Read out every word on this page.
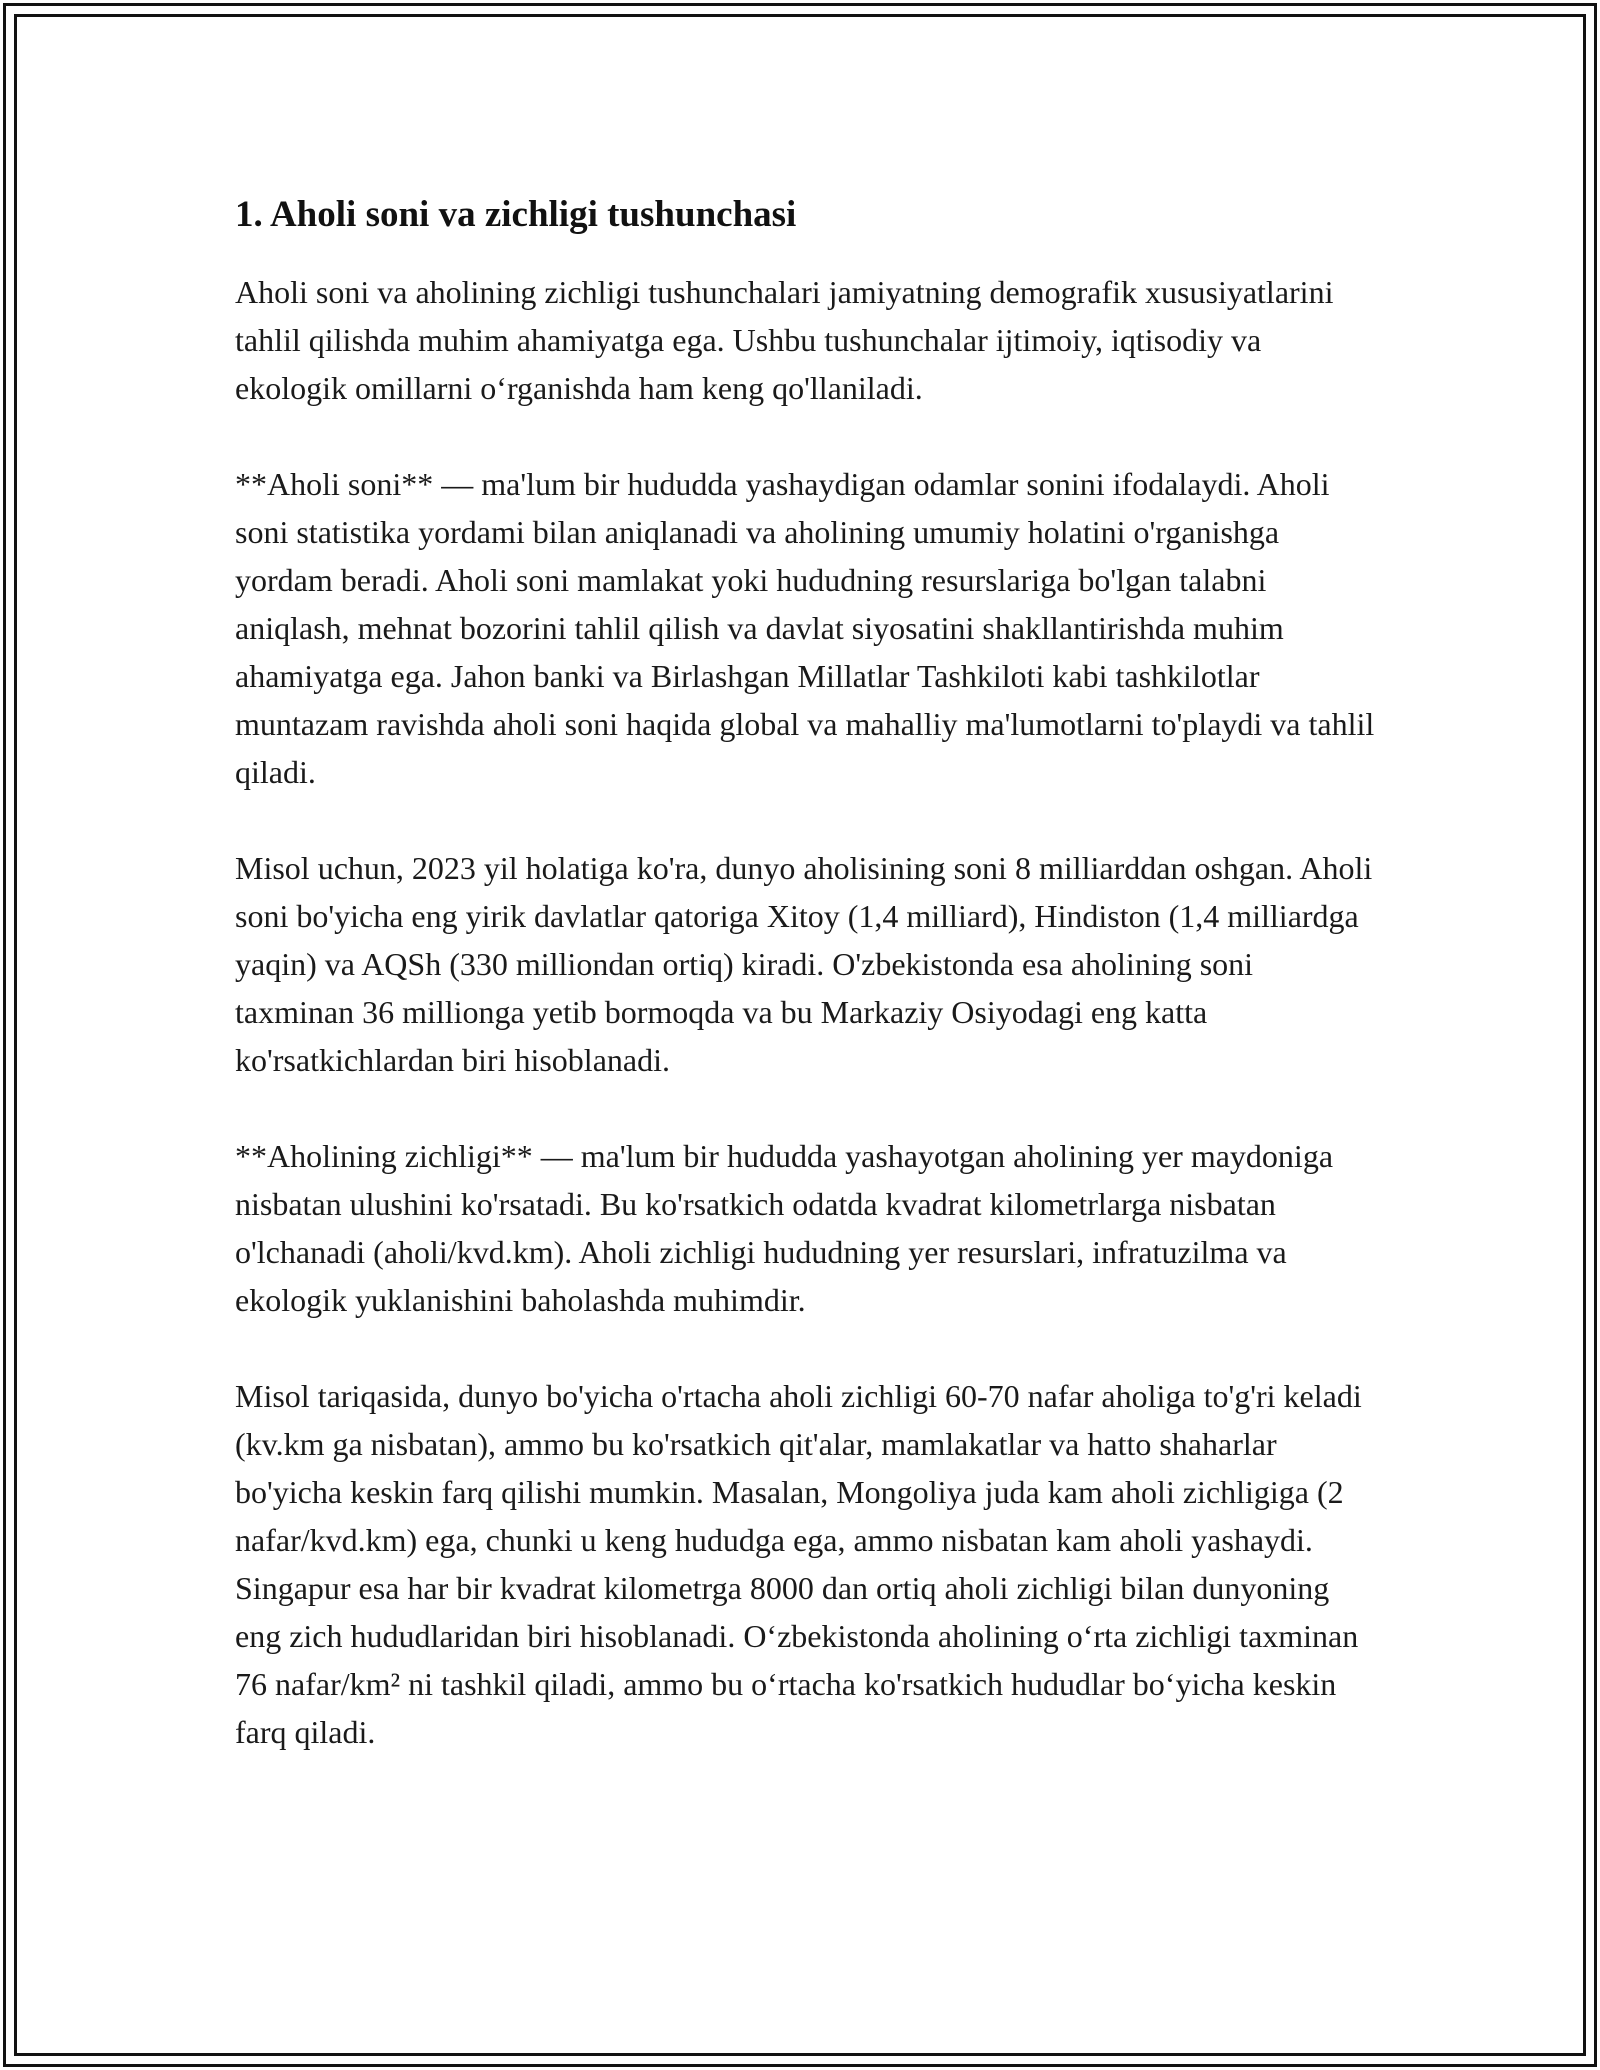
1. Aholi soni va zichligi tushunchasi

Aholi soni va aholining zichligi tushunchalari jamiyatning demografik xususiyatlarini tahlil qilishda muhim ahamiyatga ega. Ushbu tushunchalar ijtimoiy, iqtisodiy va ekologik omillarni o‘rganishda ham keng qo'llaniladi.

**Aholi soni** — ma'lum bir hududda yashaydigan odamlar sonini ifodalaydi. Aholi soni statistika yordami bilan aniqlanadi va aholining umumiy holatini o'rganishga yordam beradi. Aholi soni mamlakat yoki hududning resurslariga bo'lgan talabni aniqlash, mehnat bozorini tahlil qilish va davlat siyosatini shakllantirishda muhim ahamiyatga ega. Jahon banki va Birlashgan Millatlar Tashkiloti kabi tashkilotlar muntazam ravishda aholi soni haqida global va mahalliy ma'lumotlarni to'playdi va tahlil qiladi.

Misol uchun, 2023 yil holatiga ko'ra, dunyo aholisining soni 8 milliarddan oshgan. Aholi soni bo'yicha eng yirik davlatlar qatoriga Xitoy (1,4 milliard), Hindiston (1,4 milliardga yaqin) va AQSh (330 milliondan ortiq) kiradi. O'zbekistonda esa aholining soni taxminan 36 millionga yetib bormoqda va bu Markaziy Osiyodagi eng katta ko'rsatkichlardan biri hisoblanadi.

**Aholining zichligi** — ma'lum bir hududda yashayotgan aholining yer maydoniga nisbatan ulushini ko'rsatadi. Bu ko'rsatkich odatda kvadrat kilometrlarga nisbatan o'lchanadi (aholi/kvd.km). Aholi zichligi hududning yer resurslari, infratuzilma va ekologik yuklanishini baholashda muhimdir.

Misol tariqasida, dunyo bo'yicha o'rtacha aholi zichligi 60-70 nafar aholiga to'g'ri keladi (kv.km ga nisbatan), ammo bu ko'rsatkich qit'alar, mamlakatlar va hatto shaharlar bo'yicha keskin farq qilishi mumkin. Masalan, Mongoliya juda kam aholi zichligiga (2 nafar/kvd.km) ega, chunki u keng hududga ega, ammo nisbatan kam aholi yashaydi. Singapur esa har bir kvadrat kilometrga 8000 dan ortiq aholi zichligi bilan dunyoning eng zich hududlaridan biri hisoblanadi. O‘zbekistonda aholining o‘rta zichligi taxminan 76 nafar/km² ni tashkil qiladi, ammo bu o‘rtacha ko'rsatkich hududlar bo‘yicha keskin farq qiladi.
